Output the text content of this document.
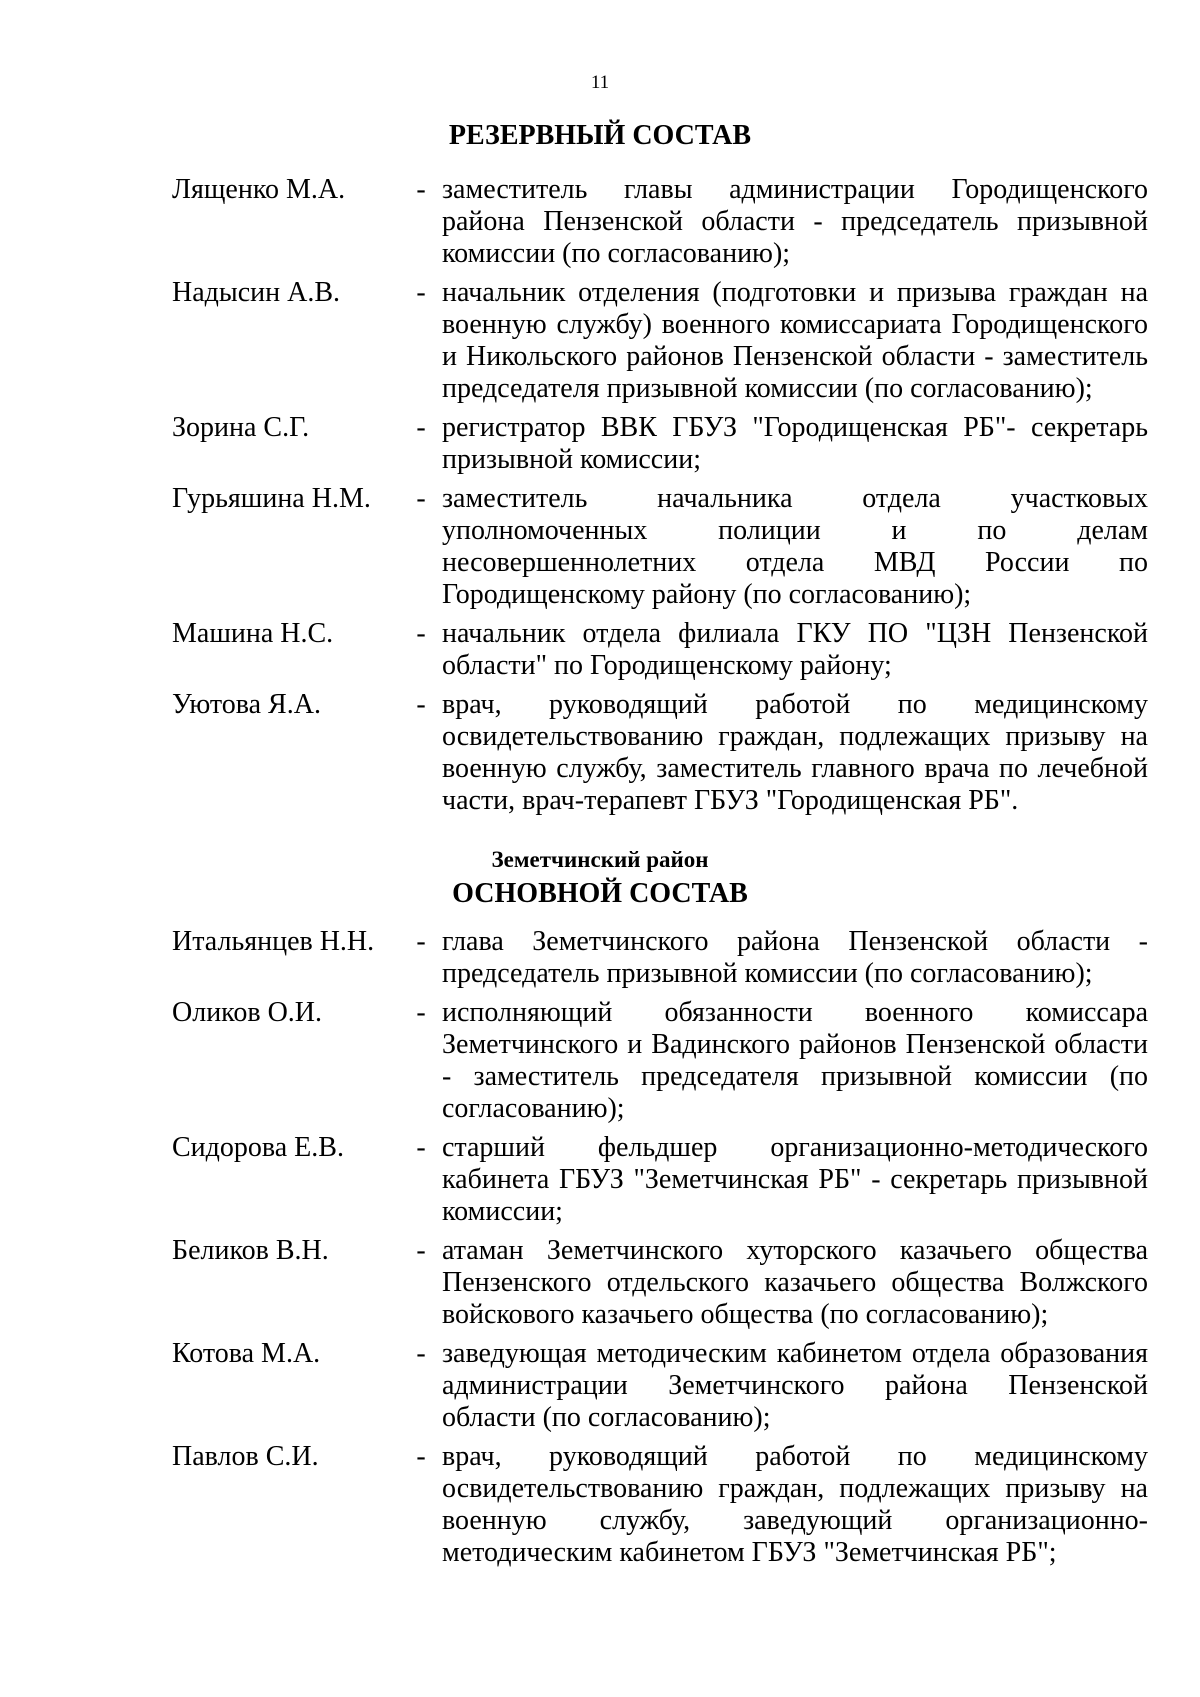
11
РЕЗЕРВНЫЙ СОСТАВ
Лященко М.А.	- заместитель главы администрации Городищенского района Пензенской области - председатель призывной комиссии (по согласованию);
Надысин А.В.	- начальник отделения (подготовки и призыва граждан на военную службу) военного комиссариата Городищенского и Никольского районов Пензенской области - заместитель председателя призывной комиссии (по согласованию);
Зорина С.Г.	- регистратор ВВК ГБУЗ "Городищенская РБ"- секретарь призывной комиссии;
Гурьяшина Н.М.	- заместитель начальника отдела участковых уполномоченных полиции и по делам несовершеннолетних отдела МВД России по Городищенскому району (по согласованию);
Машина Н.С.	- начальник отдела филиала ГКУ ПО "ЦЗН Пензенской области" по Городищенскому району;
Уютова Я.А.	- врач, руководящий работой по медицинскому освидетельствованию граждан, подлежащих призыву на военную службу, заместитель главного врача по лечебной части, врач-терапевт ГБУЗ "Городищенская РБ".
Земетчинский район
ОСНОВНОЙ СОСТАВ
Итальянцев Н.Н.	- глава Земетчинского района Пензенской области - председатель призывной комиссии (по согласованию);
Оликов О.И.	- исполняющий обязанности военного комиссара Земетчинского и Вадинского районов Пензенской области - заместитель председателя призывной комиссии (по согласованию);
Сидорова Е.В.	- старший фельдшер организационно-методического кабинета ГБУЗ "Земетчинская РБ" - секретарь призывной комиссии;
Беликов В.Н.	- атаман Земетчинского хуторского казачьего общества Пензенского отдельского казачьего общества Волжского войскового казачьего общества (по согласованию);
Котова М.А.	- заведующая методическим кабинетом отдела образования администрации Земетчинского района Пензенской области (по согласованию);
Павлов С.И.	- врач, руководящий работой по медицинскому освидетельствованию граждан, подлежащих призыву на военную службу, заведующий организационно-методическим кабинетом ГБУЗ "Земетчинская РБ";
